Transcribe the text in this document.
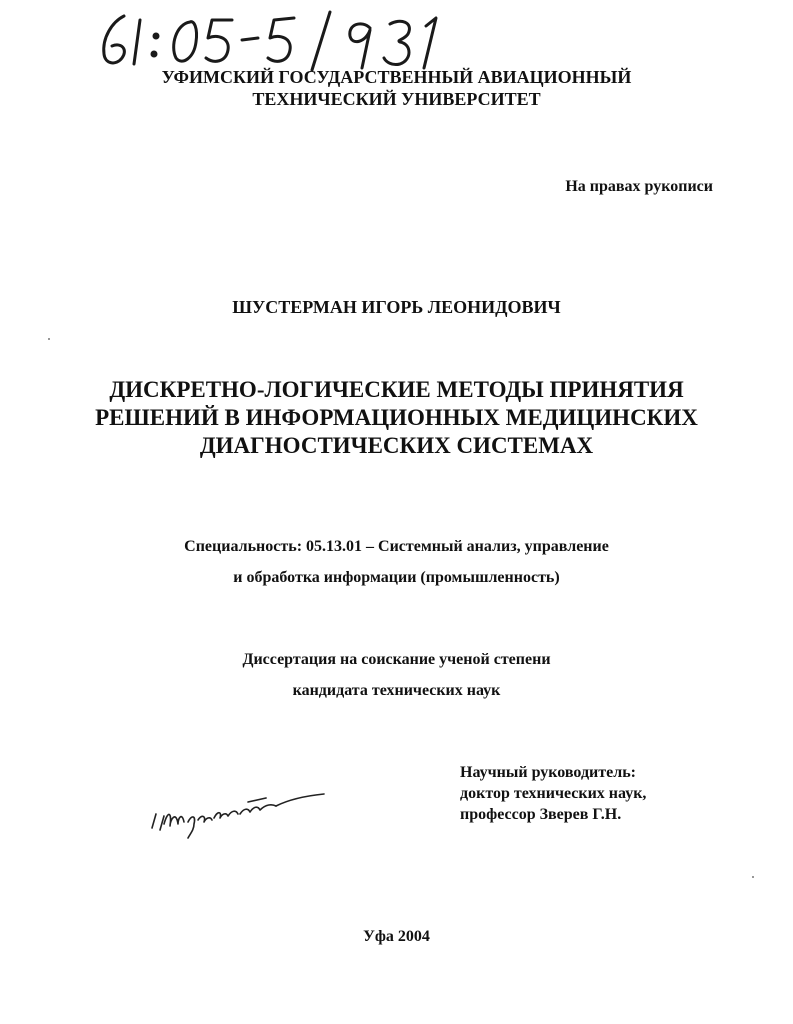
УФИМСКИЙ ГОСУДАРСТВЕННЫЙ АВИАЦИОННЫЙ
ТЕХНИЧЕСКИЙ УНИВЕРСИТЕТ
На правах рукописи
ШУСТЕРМАН ИГОРЬ ЛЕОНИДОВИЧ
ДИСКРЕТНО-ЛОГИЧЕСКИЕ МЕТОДЫ ПРИНЯТИЯ
РЕШЕНИЙ В ИНФОРМАЦИОННЫХ МЕДИЦИНСКИХ
ДИАГНОСТИЧЕСКИХ СИСТЕМАХ
Специальность: 05.13.01 – Системный анализ, управление
и обработка информации (промышленность)
Диссертация на соискание ученой степени
кандидата технических наук
Научный руководитель:
доктор технических наук,
профессор Зверев Г.Н.
Уфа 2004
